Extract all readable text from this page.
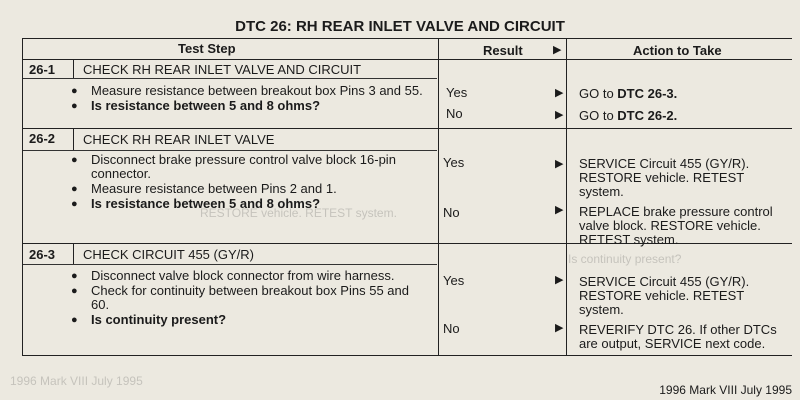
DTC 26: RH REAR INLET VALVE AND CIRCUIT
1996 Mark VIII July 1995
RESTORE vehicle. RETEST system.
Is continuity present?
Test Step	Result	▶	Action to Take
26-1 CHECK RH REAR INLET VALVE AND CIRCUIT
● Measure resistance between breakout box Pins 3 and 55.
● Is resistance between 5 and 8 ohms?
Yes	▶ GO to DTC 26-3.
No	▶ GO to DTC 26-2.
26-2 CHECK RH REAR INLET VALVE
● Disconnect brake pressure control valve block 16-pin connector.
● Measure resistance between Pins 2 and 1.
● Is resistance between 5 and 8 ohms?
Yes	▶ SERVICE Circuit 455 (GY/R). RESTORE vehicle. RETEST system.
No	▶ REPLACE brake pressure control valve block. RESTORE vehicle. RETEST system.
26-3 CHECK CIRCUIT 455 (GY/R)
● Disconnect valve block connector from wire harness.
● Check for continuity between breakout box Pins 55 and 60.
● Is continuity present?
Yes	▶ SERVICE Circuit 455 (GY/R). RESTORE vehicle. RETEST system.
No	▶ REVERIFY DTC 26. If other DTCs are output, SERVICE next code.
1996 Mark VIII July 1995
